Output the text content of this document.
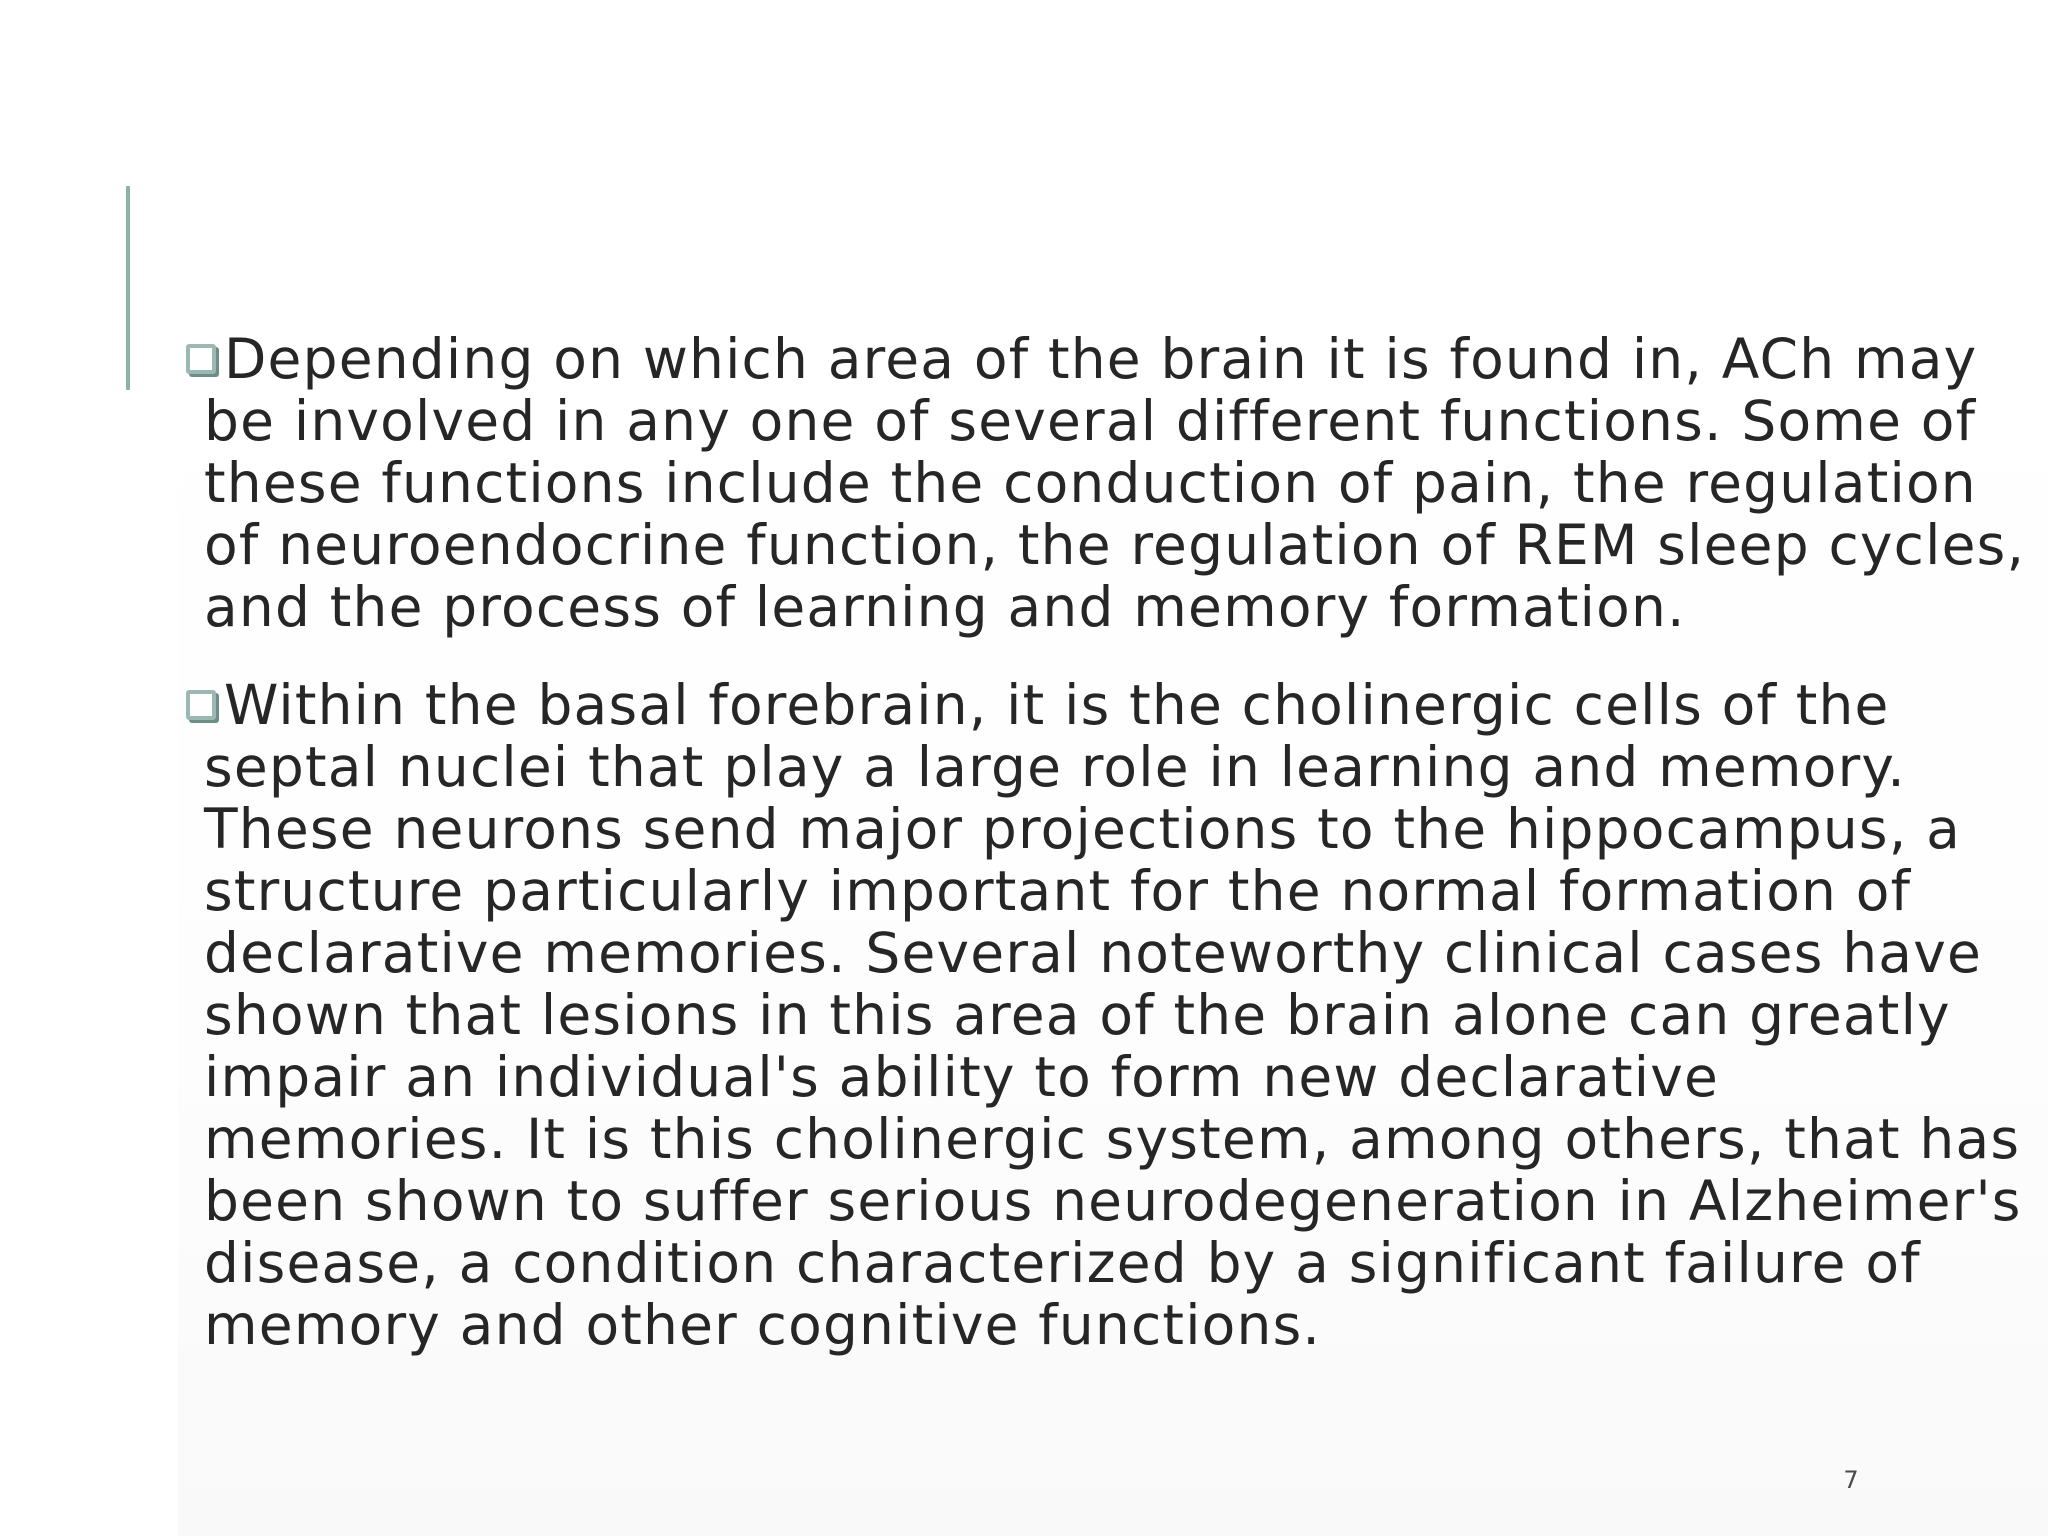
Depending on which area of the brain it is found in, ACh may be involved in any one of several different functions. Some of these functions include the conduction of pain, the regulation of neuroendocrine function, the regulation of REM sleep cycles, and the process of learning and memory formation.

Within the basal forebrain, it is the cholinergic cells of the septal nuclei that play a large role in learning and memory. These neurons send major projections to the hippocampus, a structure particularly important for the normal formation of declarative memories. Several noteworthy clinical cases have shown that lesions in this area of the brain alone can greatly impair an individual's ability to form new declarative memories. It is this cholinergic system, among others, that has been shown to suffer serious neurodegeneration in Alzheimer's disease, a condition characterized by a significant failure of memory and other cognitive functions.

7
